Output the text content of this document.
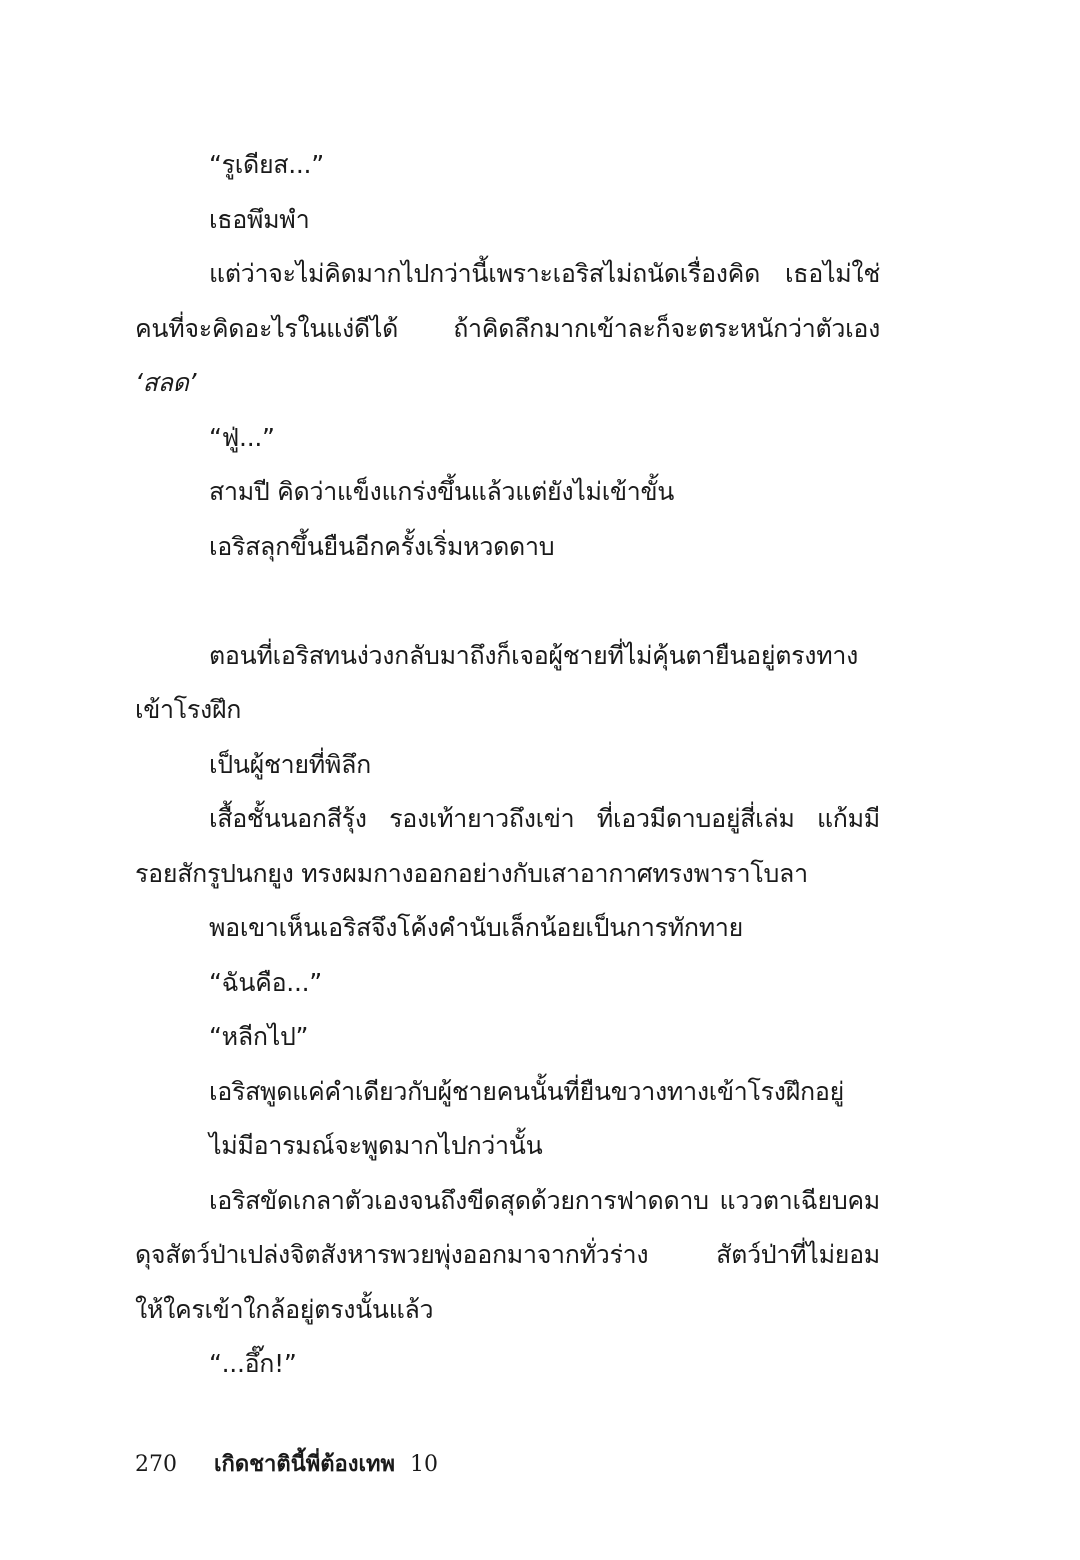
“รูเดียส...”
เธอพึมพำ
แต่ว่าจะไม่คิดมากไปกว่านี้เพราะเอริสไม่ถนัดเรื่องคิด เธอไม่ใช่
คนที่จะคิดอะไรในแง่ดีได้ ถ้าคิดลึกมากเข้าละก็จะตระหนักว่าตัวเอง
‘สลด’
“ฟู่...”
สามปี คิดว่าแข็งแกร่งขึ้นแล้วแต่ยังไม่เข้าขั้น
เอริสลุกขึ้นยืนอีกครั้งเริ่มหวดดาบ
ตอนที่เอริสทนง่วงกลับมาถึงก็เจอผู้ชายที่ไม่คุ้นตายืนอยู่ตรงทาง
เข้าโรงฝึก
เป็นผู้ชายที่พิลึก
เสื้อชั้นนอกสีรุ้ง รองเท้ายาวถึงเข่า ที่เอวมีดาบอยู่สี่เล่ม แก้มมี
รอยสักรูปนกยูง ทรงผมกางออกอย่างกับเสาอากาศทรงพาราโบลา
พอเขาเห็นเอริสจึงโค้งคำนับเล็กน้อยเป็นการทักทาย
“ฉันคือ...”
“หลีกไป”
เอริสพูดแค่คำเดียวกับผู้ชายคนนั้นที่ยืนขวางทางเข้าโรงฝึกอยู่
ไม่มีอารมณ์จะพูดมากไปกว่านั้น
เอริสขัดเกลาตัวเองจนถึงขีดสุดด้วยการฟาดดาบ แววตาเฉียบคม
ดุจสัตว์ป่าเปล่งจิตสังหารพวยพุ่งออกมาจากทั่วร่าง สัตว์ป่าที่ไม่ยอม
ให้ใครเข้าใกล้อยู่ตรงนั้นแล้ว
“...อึ๊ก!”
270 เกิดชาตินี้พี่ต้องเทพ 10
